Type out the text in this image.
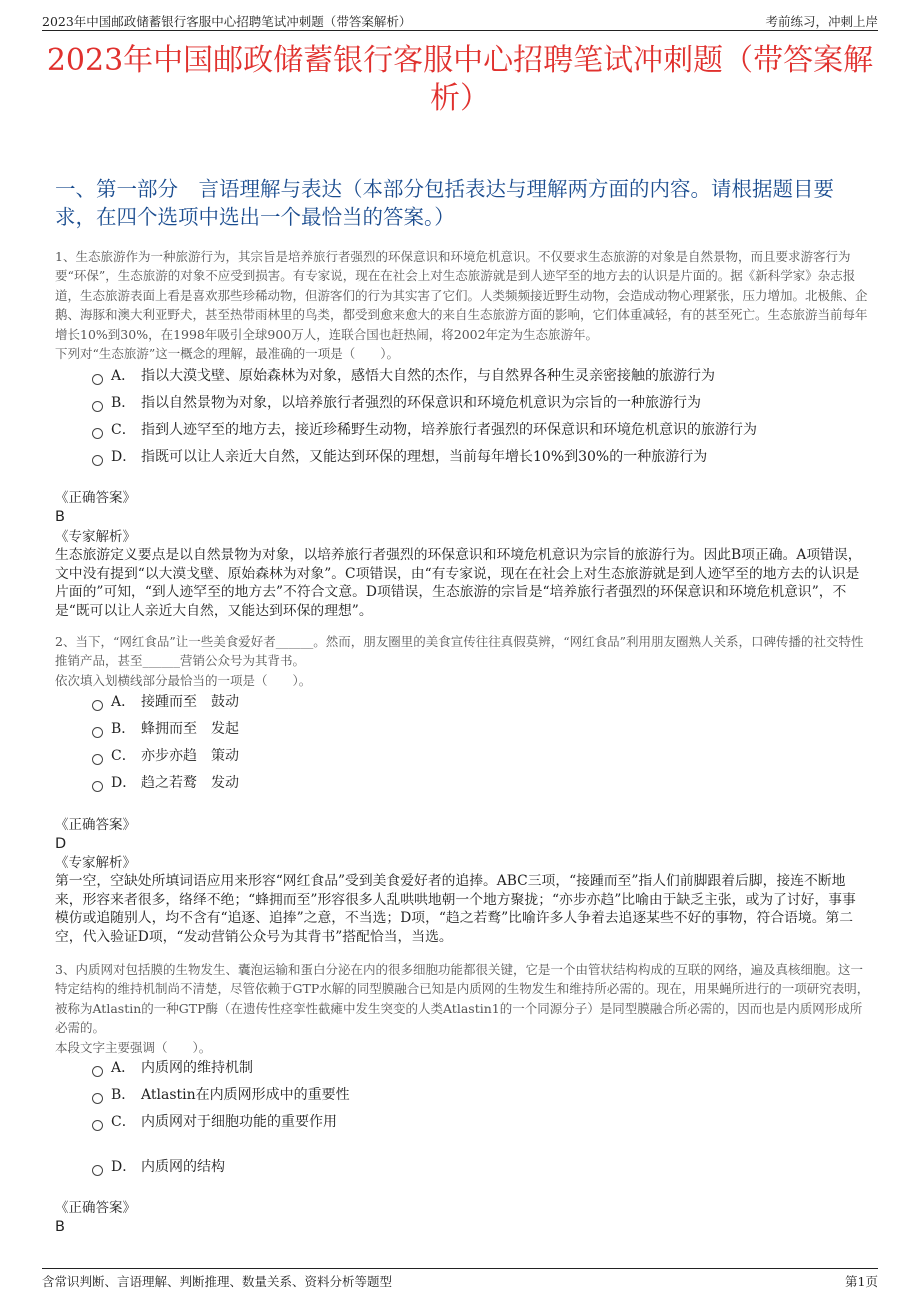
2023年中国邮政储蓄银行客服中心招聘笔试冲刺题（带答案解析）	考前练习，冲刺上岸
2023年中国邮政储蓄银行客服中心招聘笔试冲刺题（带答案解析）
一、第一部分　言语理解与表达（本部分包括表达与理解两方面的内容。请根据题目要求，在四个选项中选出一个最恰当的答案。）
1、生态旅游作为一种旅游行为，其宗旨是培养旅行者强烈的环保意识和环境危机意识。不仅要求生态旅游的对象是自然景物，而且要求游客行为要“环保”，生态旅游的对象不应受到损害。有专家说，现在在社会上对生态旅游就是到人迹罕至的地方去的认识是片面的。据《新科学家》杂志报道，生态旅游表面上看是喜欢那些珍稀动物，但游客们的行为其实害了它们。人类频频接近野生动物，会造成动物心理紧张，压力增加。北极熊、企鹅、海豚和澳大利亚野犬，甚至热带雨林里的鸟类，都受到愈来愈大的来自生态旅游方面的影响，它们体重减轻，有的甚至死亡。生态旅游当前每年增长10%到30%，在1998年吸引全球900万人，连联合国也赶热闹，将2002年定为生态旅游年。
下列对“生态旅游”这一概念的理解，最准确的一项是（　　）。
A． 指以大漠戈壁、原始森林为对象，感悟大自然的杰作，与自然界各种生灵亲密接触的旅游行为
B． 指以自然景物为对象，以培养旅行者强烈的环保意识和环境危机意识为宗旨的一种旅游行为
C． 指到人迹罕至的地方去，接近珍稀野生动物，培养旅行者强烈的环保意识和环境危机意识的旅游行为
D． 指既可以让人亲近大自然，又能达到环保的理想，当前每年增长10%到30%的一种旅游行为
《正确答案》
B
《专家解析》
生态旅游定义要点是以自然景物为对象，以培养旅行者强烈的环保意识和环境危机意识为宗旨的旅游行为。因此B项正确。A项错误，文中没有提到“以大漠戈壁、原始森林为对象”。C项错误，由“有专家说，现在在社会上对生态旅游就是到人迹罕至的地方去的认识是片面的”可知，“到人迹罕至的地方去”不符合文意。D项错误，生态旅游的宗旨是“培养旅行者强烈的环保意识和环境危机意识”，不是“既可以让人亲近大自然，又能达到环保的理想”。
2、当下，“网红食品”让一些美食爱好者______。然而，朋友圈里的美食宣传往往真假莫辨，“网红食品”利用朋友圈熟人关系，口碑传播的社交特性推销产品，甚至______营销公众号为其背书。
依次填入划横线部分最恰当的一项是（　　）。
A． 接踵而至　鼓动
B． 蜂拥而至　发起
C． 亦步亦趋　策动
D． 趋之若鹜　发动
《正确答案》
D
《专家解析》
第一空，空缺处所填词语应用来形容“网红食品”受到美食爱好者的追捧。ABC三项，“接踵而至”指人们前脚跟着后脚，接连不断地来，形容来者很多，络绎不绝；“蜂拥而至”形容很多人乱哄哄地朝一个地方聚拢；“亦步亦趋”比喻由于缺乏主张，或为了讨好，事事模仿或追随别人，均不含有“追逐、追捧”之意，不当选；D项，“趋之若鹜”比喻许多人争着去追逐某些不好的事物，符合语境。第二空，代入验证D项，“发动营销公众号为其背书”搭配恰当，当选。
3、内质网对包括膜的生物发生、囊泡运输和蛋白分泌在内的很多细胞功能都很关键，它是一个由管状结构构成的互联的网络，遍及真核细胞。这一特定结构的维持机制尚不清楚，尽管依赖于GTP水解的同型膜融合已知是内质网的生物发生和维持所必需的。现在，用果蝇所进行的一项研究表明，被称为Atlastin的一种GTP酶（在遗传性痉挛性截瘫中发生突变的人类Atlastin1的一个同源分子）是同型膜融合所必需的，因而也是内质网形成所必需的。
本段文字主要强调（　　）。
A． 内质网的维持机制
B． Atlastin在内质网形成中的重要性
C． 内质网对于细胞功能的重要作用
D． 内质网的结构
《正确答案》
B
含常识判断、言语理解、判断推理、数量关系、资料分析等题型	第1页
